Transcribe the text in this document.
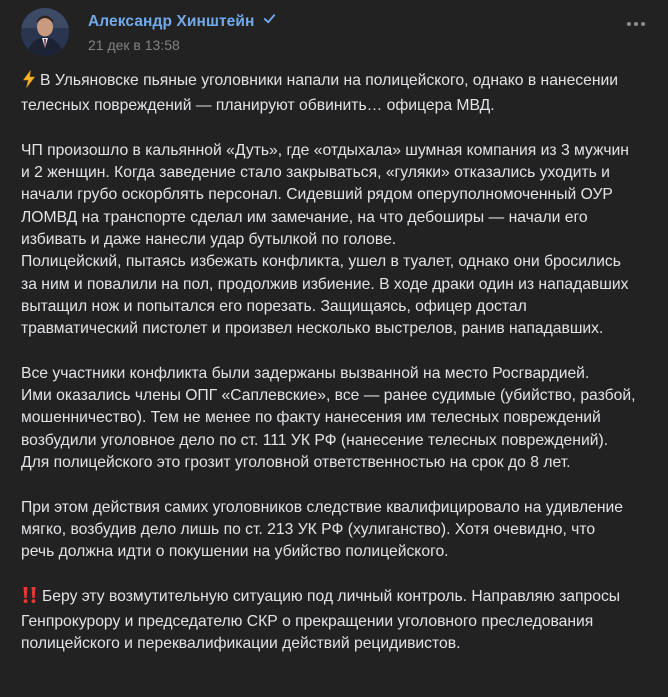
Александр Хинштейн
21 дек в 13:58

В Ульяновске пьяные уголовники напали на полицейского, однако в нанесении
телесных повреждений — планируют обвинить… офицера МВД.

ЧП произошло в кальянной «Дуть», где «отдыхала» шумная компания из 3 мужчин
и 2 женщин. Когда заведение стало закрываться, «гуляки» отказались уходить и
начали грубо оскорблять персонал. Сидевший рядом оперуполномоченный ОУР
ЛОМВД на транспорте сделал им замечание, на что дебоширы — начали его
избивать и даже нанесли удар бутылкой по голове.
Полицейский, пытаясь избежать конфликта, ушел в туалет, однако они бросились
за ним и повалили на пол, продолжив избиение. В ходе драки один из нападавших
вытащил нож и попытался его порезать. Защищаясь, офицер достал
травматический пистолет и произвел несколько выстрелов, ранив нападавших.

Все участники конфликта были задержаны вызванной на место Росгвардией.
Ими оказались члены ОПГ «Саплевские», все — ранее судимые (убийство, разбой,
мошенничество). Тем не менее по факту нанесения им телесных повреждений
возбудили уголовное дело по ст. 111 УК РФ (нанесение телесных повреждений).
Для полицейского это грозит уголовной ответственностью на срок до 8 лет.

При этом действия самих уголовников следствие квалифицировало на удивление
мягко, возбудив дело лишь по ст. 213 УК РФ (хулиганство). Хотя очевидно, что
речь должна идти о покушении на убийство полицейского.

Беру эту возмутительную ситуацию под личный контроль. Направляю запросы
Генпрокурору и председателю СКР о прекращении уголовного преследования
полицейского и переквалификации действий рецидивистов.
